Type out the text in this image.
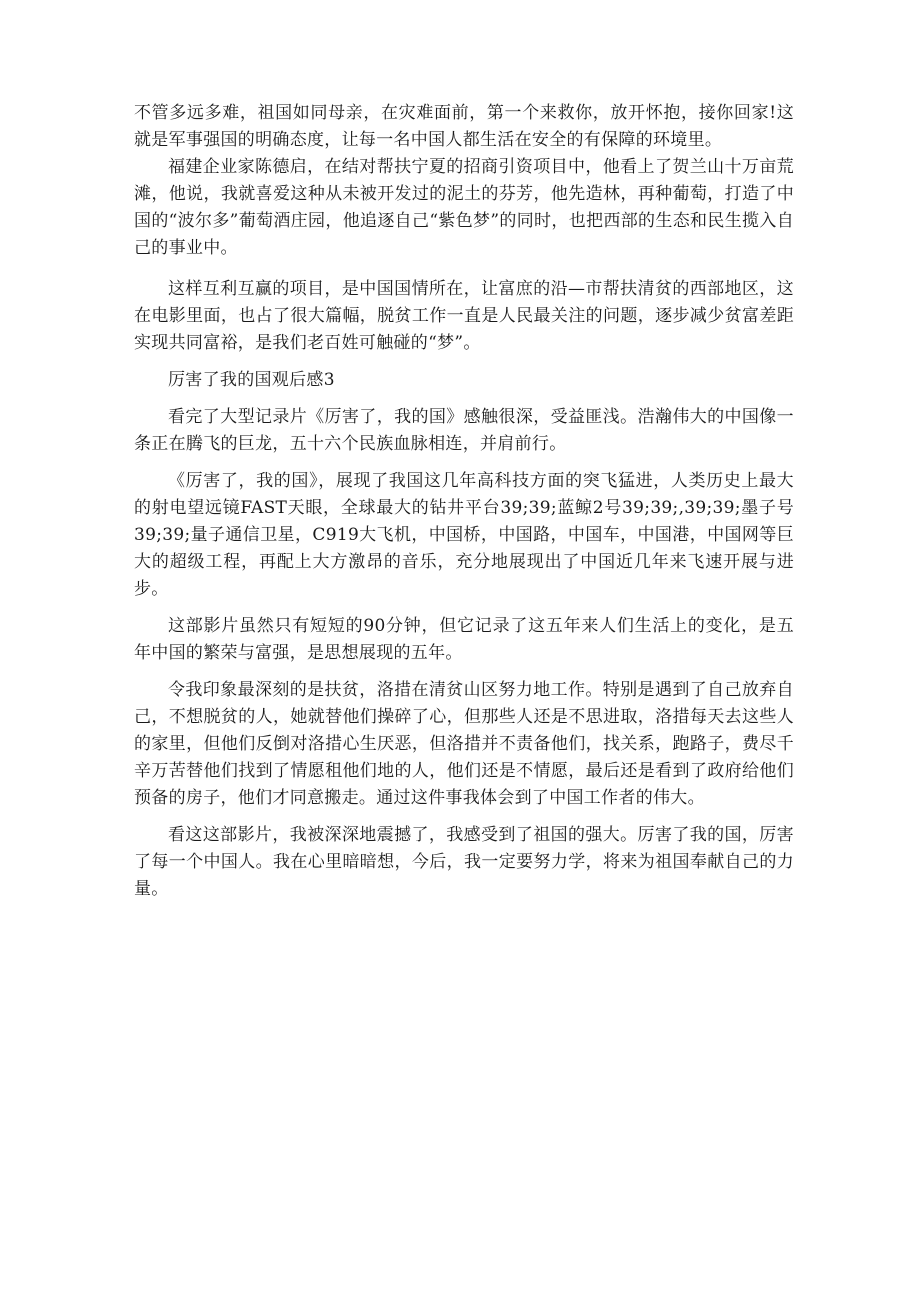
不管多远多难，祖国如同母亲，在灾难面前，第一个来救你，放开怀抱，接你回家!这就是军事强国的明确态度，让每一名中国人都生活在安全的有保障的环境里。

福建企业家陈德启，在结对帮扶宁夏的招商引资项目中，他看上了贺兰山十万亩荒滩，他说，我就喜爱这种从未被开发过的泥土的芬芳，他先造林，再种葡萄，打造了中国的“波尔多”葡萄酒庄园，他追逐自己“紫色梦”的同时，也把西部的生态和民生揽入自己的事业中。

这样互利互赢的项目，是中国国情所在，让富庶的沿—市帮扶清贫的西部地区，这在电影里面，也占了很大篇幅，脱贫工作一直是人民最关注的问题，逐步减少贫富差距实现共同富裕，是我们老百姓可触碰的“梦”。

厉害了我的国观后感3

看完了大型记录片《厉害了，我的国》感触很深，受益匪浅。浩瀚伟大的中国像一条正在腾飞的巨龙，五十六个民族血脉相连，并肩前行。

《厉害了，我的国》，展现了我国这几年高科技方面的突飞猛进，人类历史上最大的射电望远镜FAST天眼，全球最大的钻井平台39;39;蓝鲸2号39;39;,39;39;墨子号39;39;量子通信卫星，C919大飞机，中国桥，中国路，中国车，中国港，中国网等巨大的超级工程，再配上大方激昂的音乐，充分地展现出了中国近几年来飞速开展与进步。

这部影片虽然只有短短的90分钟，但它记录了这五年来人们生活上的变化，是五年中国的繁荣与富强，是思想展现的五年。

令我印象最深刻的是扶贫，洛措在清贫山区努力地工作。特别是遇到了自己放弃自己，不想脱贫的人，她就替他们操碎了心，但那些人还是不思进取，洛措每天去这些人的家里，但他们反倒对洛措心生厌恶，但洛措并不责备他们，找关系，跑路子，费尽千辛万苦替他们找到了情愿租他们地的人，他们还是不情愿，最后还是看到了政府给他们预备的房子，他们才同意搬走。通过这件事我体会到了中国工作者的伟大。

看这这部影片，我被深深地震撼了，我感受到了祖国的强大。厉害了我的国，厉害了每一个中国人。我在心里暗暗想，今后，我一定要努力学，将来为祖国奉献自己的力量。
